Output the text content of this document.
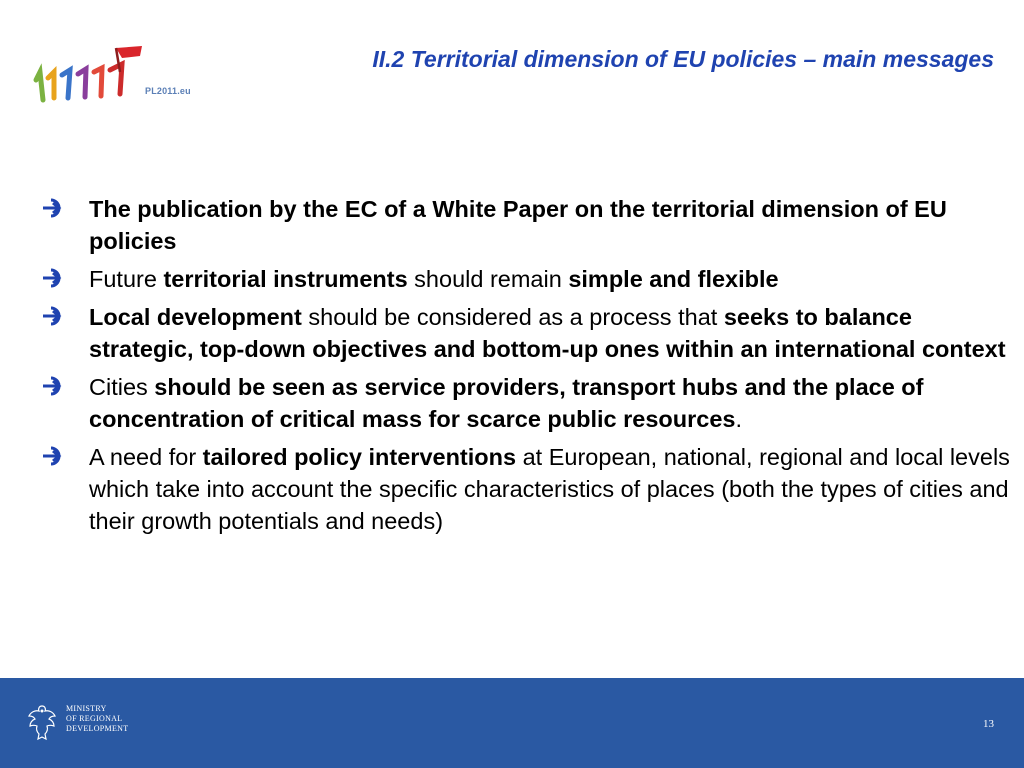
PL2011.eu
II.2 Territorial dimension of EU policies – main messages
The publication by the EC of a White Paper on the territorial dimension of EU policies
Future territorial instruments should remain simple and flexible
Local development should be considered as a process that seeks to balance strategic, top-down objectives and bottom-up ones within an international context
Cities should be seen as service providers, transport hubs and the place of concentration of critical mass for scarce public resources.
A need for tailored policy interventions at European, national, regional and local levels which take into account the specific characteristics of places (both the types of cities and their growth potentials and needs)
MINISTRY
OF REGIONAL
DEVELOPMENT	13
